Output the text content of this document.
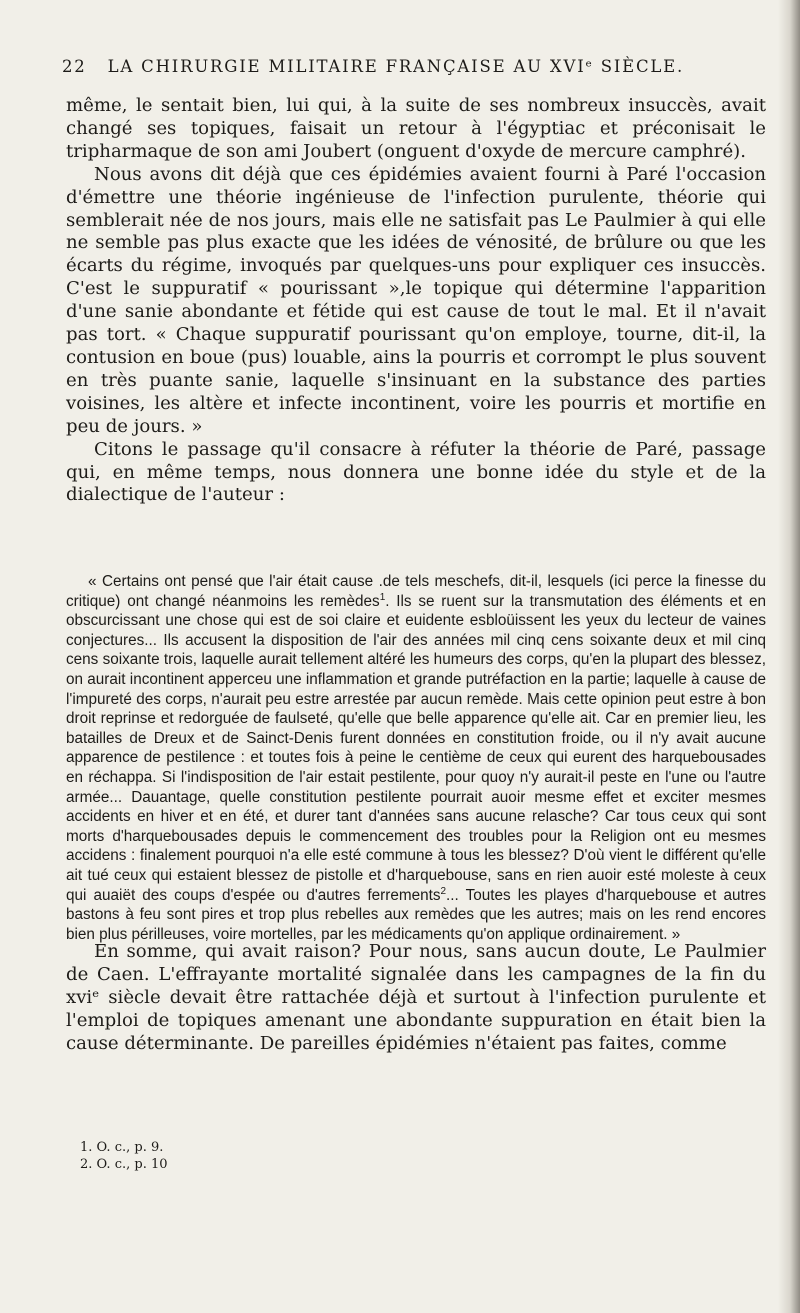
22 LA CHIRURGIE MILITAIRE FRANÇAISE AU XVIᵉ SIÈCLE.

même, le sentait bien, lui qui, à la suite de ses nombreux insuccès, avait changé ses topiques, faisait un retour à l'égyptiac et préconisait le tripharmaque de son ami Joubert (onguent d'oxyde de mercure camphré).

Nous avons dit déjà que ces épidémies avaient fourni à Paré l'occasion d'émettre une théorie ingénieuse de l'infection purulente, théorie qui semblerait née de nos jours, mais elle ne satisfait pas Le Paulmier à qui elle ne semble pas plus exacte que les idées de vénosité, de brûlure ou que les écarts du régime, invoqués par quelques-uns pour expliquer ces insuccès. C'est le suppuratif « pourissant »,le topique qui détermine l'apparition d'une sanie abondante et fétide qui est cause de tout le mal. Et il n'avait pas tort. « Chaque suppuratif pourissant qu'on employe, tourne, dit-il, la contusion en boue (pus) louable, ains la pourris et corrompt le plus souvent en très puante sanie, laquelle s'insinuant en la substance des parties voisines, les altère et infecte incontinent, voire les pourris et mortifie en peu de jours. »

Citons le passage qu'il consacre à réfuter la théorie de Paré, passage qui, en même temps, nous donnera une bonne idée du style et de la dialectique de l'auteur :

« Certains ont pensé que l'air était cause .de tels meschefs, dit-il, lesquels (ici perce la finesse du critique) ont changé néanmoins les remèdes$^1$. Ils se ruent sur la transmutation des éléments et en obscurcissant une chose qui est de soi claire et euidente esbloüissent les yeux du lecteur de vaines conjectures... Ils accusent la disposition de l'air des années mil cinq cens soixante deux et mil cinq cens soixante trois, laquelle aurait tellement altéré les humeurs des corps, qu'en la plupart des blessez, on aurait incontinent apperceu une inflammation et grande putréfaction en la partie; laquelle à cause de l'impureté des corps, n'aurait peu estre arrestée par aucun remède. Mais cette opinion peut estre à bon droit reprinse et redorguée de faulseté, qu'elle que belle apparence qu'elle ait. Car en premier lieu, les batailles de Dreux et de Sainct-Denis furent données en constitution froide, ou il n'y avait aucune apparence de pestilence : et toutes fois à peine le centième de ceux qui eurent des harquebousades en réchappa. Si l'indisposition de l'air estait pestilente, pour quoy n'y aurait-il peste en l'une ou l'autre armée... Dauantage, quelle constitution pestilente pourrait auoir mesme effet et exciter mesmes accidents en hiver et en été, et durer tant d'années sans aucune relasche? Car tous ceux qui sont morts d'harquebousades depuis le commencement des troubles pour la Religion ont eu mesmes accidens : finalement pourquoi n'a elle esté commune à tous les blessez? D'où vient le différent qu'elle ait tué ceux qui estaient blessez de pistolle et d'harquebouse, sans en rien auoir esté moleste à ceux qui auaiët des coups d'espée ou d'autres ferrements$^2$... Toutes les playes d'harquebouse et autres bastons à feu sont pires et trop plus rebelles aux remèdes que les autres; mais on les rend encores bien plus périlleuses, voire mortelles, par les médicaments qu'on applique ordinairement. »

En somme, qui avait raison? Pour nous, sans aucun doute, Le Paulmier de Caen. L'effrayante mortalité signalée dans les campagnes de la fin du xviᵉ siècle devait être rattachée déjà et surtout à l'infection purulente et l'emploi de topiques amenant une abondante suppuration en était bien la cause déterminante. De pareilles épidémies n'étaient pas faites, comme

1. O. c., p. 9.
2. O. c., p. 10
